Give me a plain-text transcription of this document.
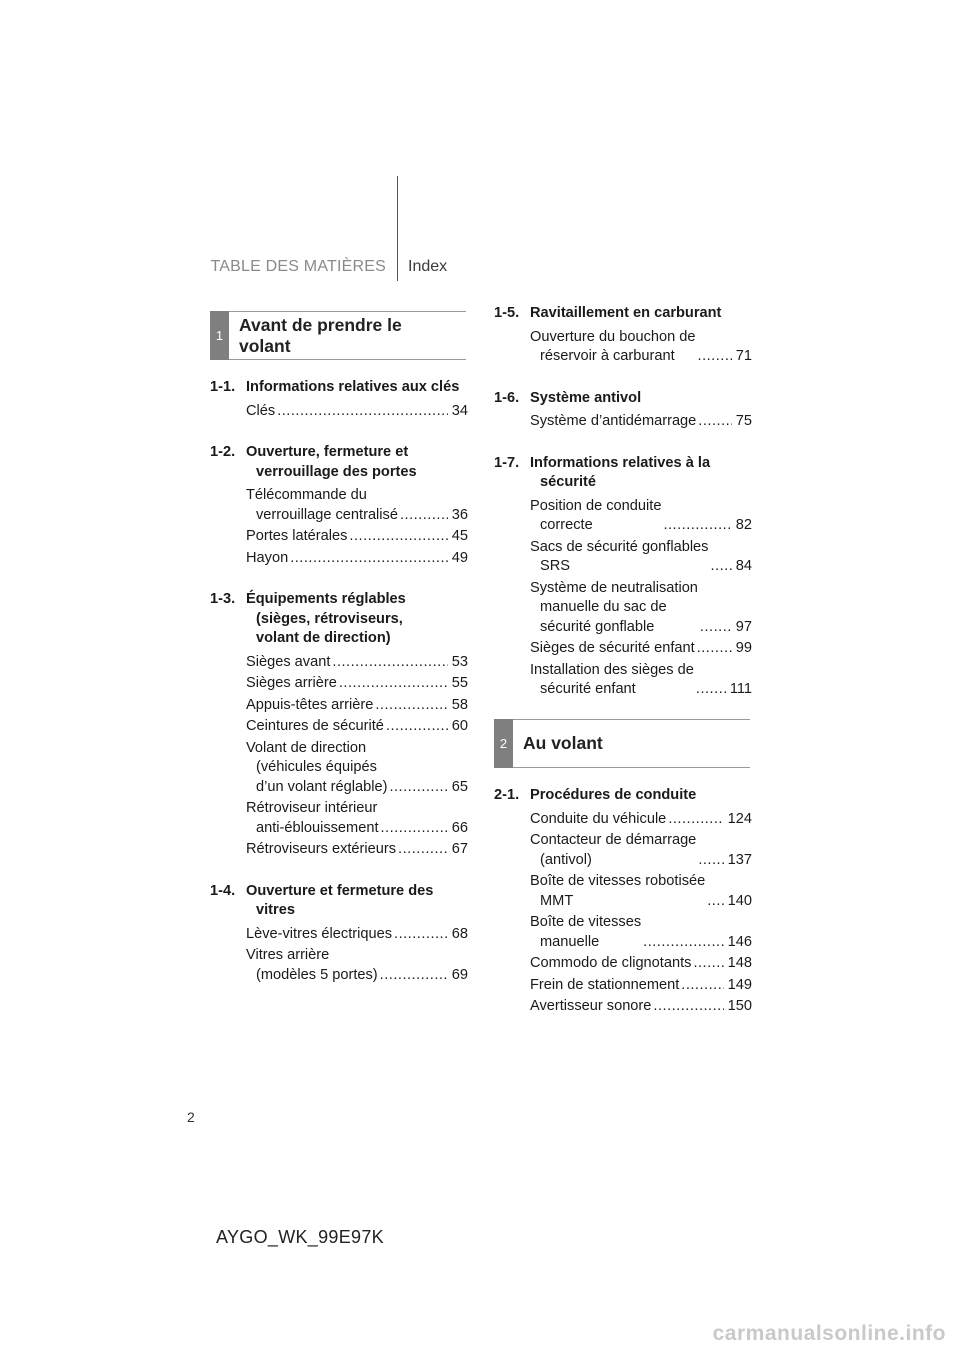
TABLE DES MATIÈRES Index
1
Avant de prendre le volant
1-1. Informations relatives aux clés
Clés .....	34
1-2. Ouverture, fermeture et verrouillage des portes
Télécommande du
verrouillage centralisé .....	36
Portes latérales .....	45
Hayon .....	49
1-3. Équipements réglables (sièges, rétroviseurs, volant de direction)
Sièges avant .....	53
Sièges arrière .....	55
Appuis-têtes arrière .....	58
Ceintures de sécurité .....	60
Volant de direction
(véhicules équipés
d’un volant réglable) .....	65
Rétroviseur intérieur
anti-éblouissement .....	66
Rétroviseurs extérieurs .....	67
1-4. Ouverture et fermeture des vitres
Lève-vitres électriques .....	68
Vitres arrière
(modèles 5 portes) .....	69
1-5. Ravitaillement en carburant
Ouverture du bouchon de
réservoir à carburant .....	71
1-6. Système antivol
Système d’antidémarrage .....	75
1-7. Informations relatives à la sécurité
Position de conduite
correcte .....	82
Sacs de sécurité gonflables
SRS .....	84
Système de neutralisation
manuelle du sac de
sécurité gonflable .....	97
Sièges de sécurité enfant .....	99
Installation des sièges de
sécurité enfant .....	111
2 Au volant
2-1. Procédures de conduite
Conduite du véhicule .....	124
Contacteur de démarrage
(antivol) .....	137
Boîte de vitesses robotisée
MMT .....	140
Boîte de vitesses
manuelle .....	146
Commodo de clignotants ..... 148
Frein de stationnement .....	149
Avertisseur sonore .....	150
2
AYGO_WK_99E97K
carmanualsonline.info
